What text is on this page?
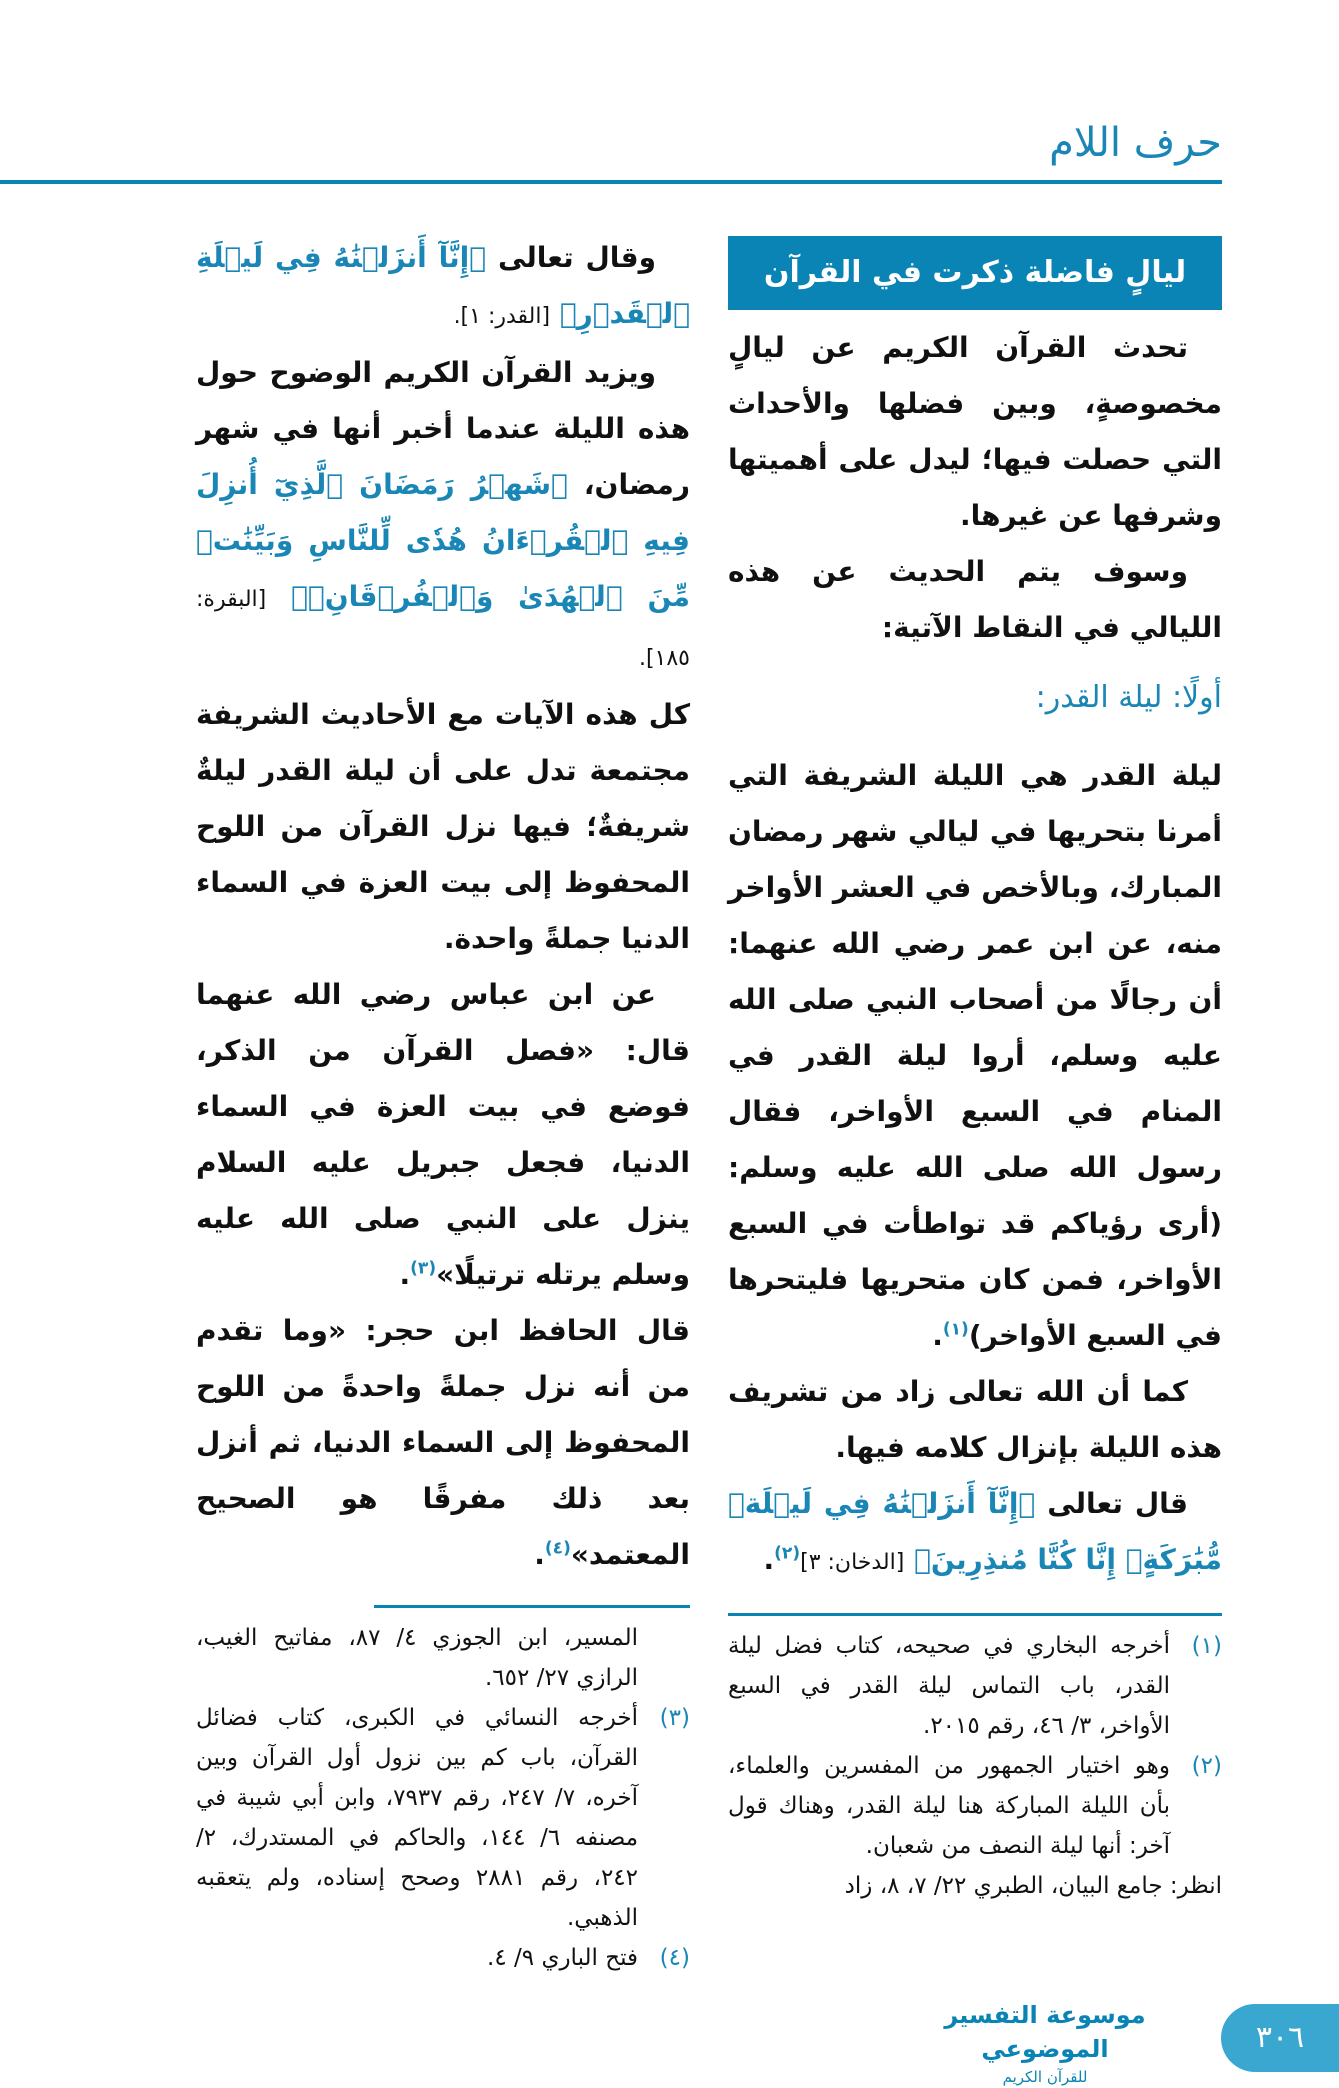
حرف اللام
ليالٍ فاضلة ذكرت في القرآن

تحدث القرآن الكريم عن ليالٍ مخصوصةٍ، وبين فضلها والأحداث التي حصلت فيها؛ ليدل على أهميتها وشرفها عن غيرها.

وسوف يتم الحديث عن هذه الليالي في النقاط الآتية:

أولًا: ليلة القدر:

ليلة القدر هي الليلة الشريفة التي أمرنا بتحريها في ليالي شهر رمضان المبارك، وبالأخص في العشر الأواخر منه، عن ابن عمر رضي الله عنهما: أن رجالًا من أصحاب النبي صلى الله عليه وسلم، أروا ليلة القدر في المنام في السبع الأواخر، فقال رسول الله صلى الله عليه وسلم: (أرى رؤياكم قد تواطأت في السبع الأواخر، فمن كان متحريها فليتحرها في السبع الأواخر)$^{(١)}$.

كما أن الله تعالى زاد من تشريف هذه الليلة بإنزال كلامه فيها.

قال تعالى ﴿إِنَّآ أَنزَلۡنَٰهُ فِي لَيۡلَةٖ مُّبَٰرَكَةٍۚ إِنَّا كُنَّا مُنذِرِينَ﴾ [الدخان: ٣]$^{(٢)}$.

(١)
أخرجه البخاري في صحيحه، كتاب فضل ليلة القدر، باب التماس ليلة القدر في السبع الأواخر، ٣/ ٤٦، رقم ٢٠١٥.
(٢)
وهو اختيار الجمهور من المفسرين والعلماء، بأن الليلة المباركة هنا ليلة القدر، وهناك قول آخر: أنها ليلة النصف من شعبان.
انظر: جامع البيان، الطبري ٢٢/ ٧، ٨، زاد

وقال تعالى ﴿إِنَّآ أَنزَلۡنَٰهُ فِي لَيۡلَةِ ٱلۡقَدۡرِ﴾ [القدر: ١].

ويزيد القرآن الكريم الوضوح حول هذه الليلة عندما أخبر أنها في شهر رمضان، ﴿شَهۡرُ رَمَضَانَ ٱلَّذِيٓ أُنزِلَ فِيهِ ٱلۡقُرۡءَانُ هُدٗى لِّلنَّاسِ وَبَيِّنَٰتٖ مِّنَ ٱلۡهُدَىٰ وَٱلۡفُرۡقَانِۚ﴾ [البقرة: ١٨٥].

كل هذه الآيات مع الأحاديث الشريفة مجتمعة تدل على أن ليلة القدر ليلةٌ شريفةٌ؛ فيها نزل القرآن من اللوح المحفوظ إلى بيت العزة في السماء الدنيا جملةً واحدة.

عن ابن عباس رضي الله عنهما قال: «فصل القرآن من الذكر، فوضع في بيت العزة في السماء الدنيا، فجعل جبريل عليه السلام ينزل على النبي صلى الله عليه وسلم يرتله ترتيلًا»$^{(٣)}$.

قال الحافظ ابن حجر: «وما تقدم من أنه نزل جملةً واحدةً من اللوح المحفوظ إلى السماء الدنيا، ثم أنزل بعد ذلك مفرقًا هو الصحيح المعتمد»$^{(٤)}$.

المسير، ابن الجوزي ٤/ ٨٧، مفاتيح الغيب، الرازي ٢٧/ ٦٥٢.
(٣)
أخرجه النسائي في الكبرى، كتاب فضائل القرآن، باب كم بين نزول أول القرآن وبين آخره، ٧/ ٢٤٧، رقم ٧٩٣٧، وابن أبي شيبة في مصنفه ٦/ ١٤٤، والحاكم في المستدرك، ٢/ ٢٤٢، رقم ٢٨٨١ وصحح إسناده، ولم يتعقبه الذهبي.
(٤)
فتح الباري ٩/ ٤.
موسوعة التفسير الموضوعي
للقرآن الكريم
٣٠٦
